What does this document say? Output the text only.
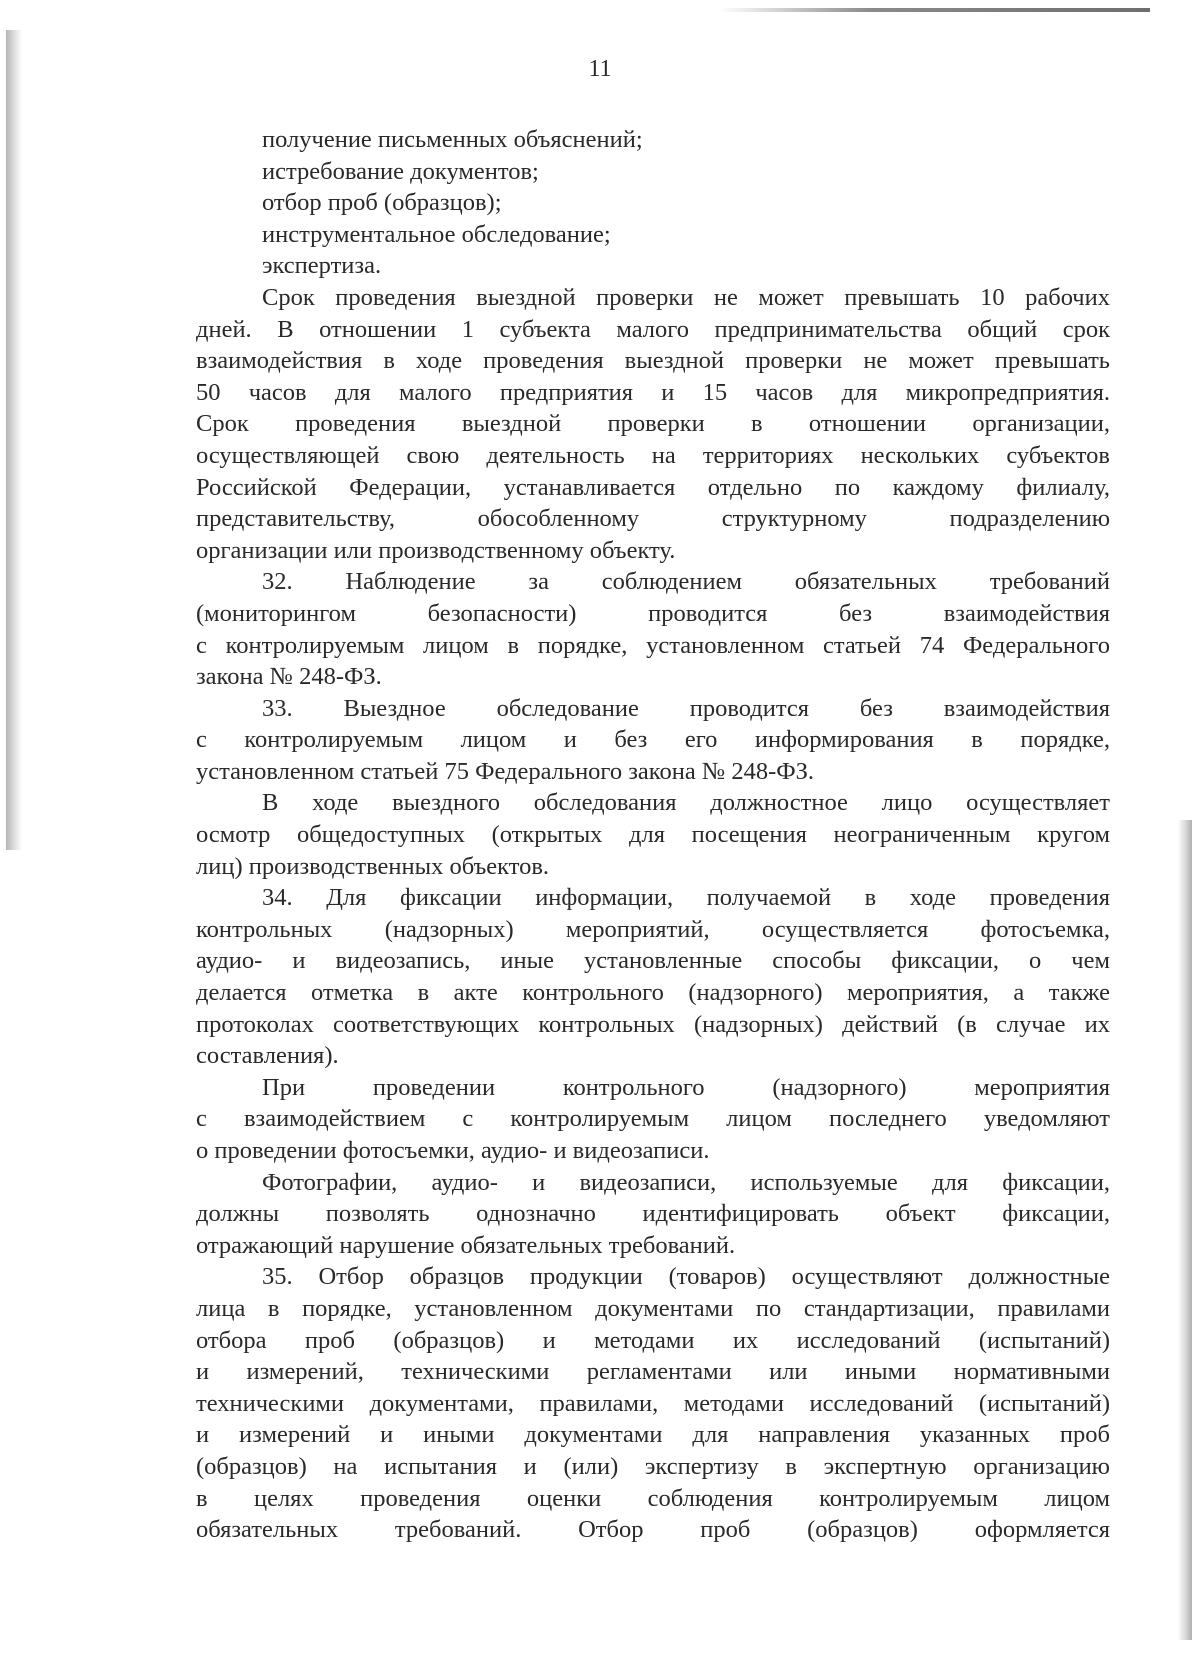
11
получение письменных объяснений;
истребование документов;
отбор проб (образцов);
инструментальное обследование;
экспертиза.
Срок проведения выездной проверки не может превышать 10 рабочих
дней. В отношении 1 субъекта малого предпринимательства общий срок
взаимодействия в ходе проведения выездной проверки не может превышать
50 часов для малого предприятия и 15 часов для микропредприятия.
Срок проведения выездной проверки в отношении организации,
осуществляющей свою деятельность на территориях нескольких субъектов
Российской Федерации, устанавливается отдельно по каждому филиалу,
представительству, обособленному структурному подразделению
организации или производственному объекту.
32. Наблюдение за соблюдением обязательных требований
(мониторингом безопасности) проводится без взаимодействия
с контролируемым лицом в порядке, установленном статьей 74 Федерального
закона № 248-ФЗ.
33. Выездное обследование проводится без взаимодействия
с контролируемым лицом и без его информирования в порядке,
установленном статьей 75 Федерального закона № 248-ФЗ.
В ходе выездного обследования должностное лицо осуществляет
осмотр общедоступных (открытых для посещения неограниченным кругом
лиц) производственных объектов.
34. Для фиксации информации, получаемой в ходе проведения
контрольных (надзорных) мероприятий, осуществляется фотосъемка,
аудио- и видеозапись, иные установленные способы фиксации, о чем
делается отметка в акте контрольного (надзорного) мероприятия, а также
протоколах соответствующих контрольных (надзорных) действий (в случае их
составления).
При проведении контрольного (надзорного) мероприятия
с взаимодействием с контролируемым лицом последнего уведомляют
о проведении фотосъемки, аудио- и видеозаписи.
Фотографии, аудио- и видеозаписи, используемые для фиксации,
должны позволять однозначно идентифицировать объект фиксации,
отражающий нарушение обязательных требований.
35. Отбор образцов продукции (товаров) осуществляют должностные
лица в порядке, установленном документами по стандартизации, правилами
отбора проб (образцов) и методами их исследований (испытаний)
и измерений, техническими регламентами или иными нормативными
техническими документами, правилами, методами исследований (испытаний)
и измерений и иными документами для направления указанных проб
(образцов) на испытания и (или) экспертизу в экспертную организацию
в целях проведения оценки соблюдения контролируемым лицом
обязательных требований. Отбор проб (образцов) оформляется
